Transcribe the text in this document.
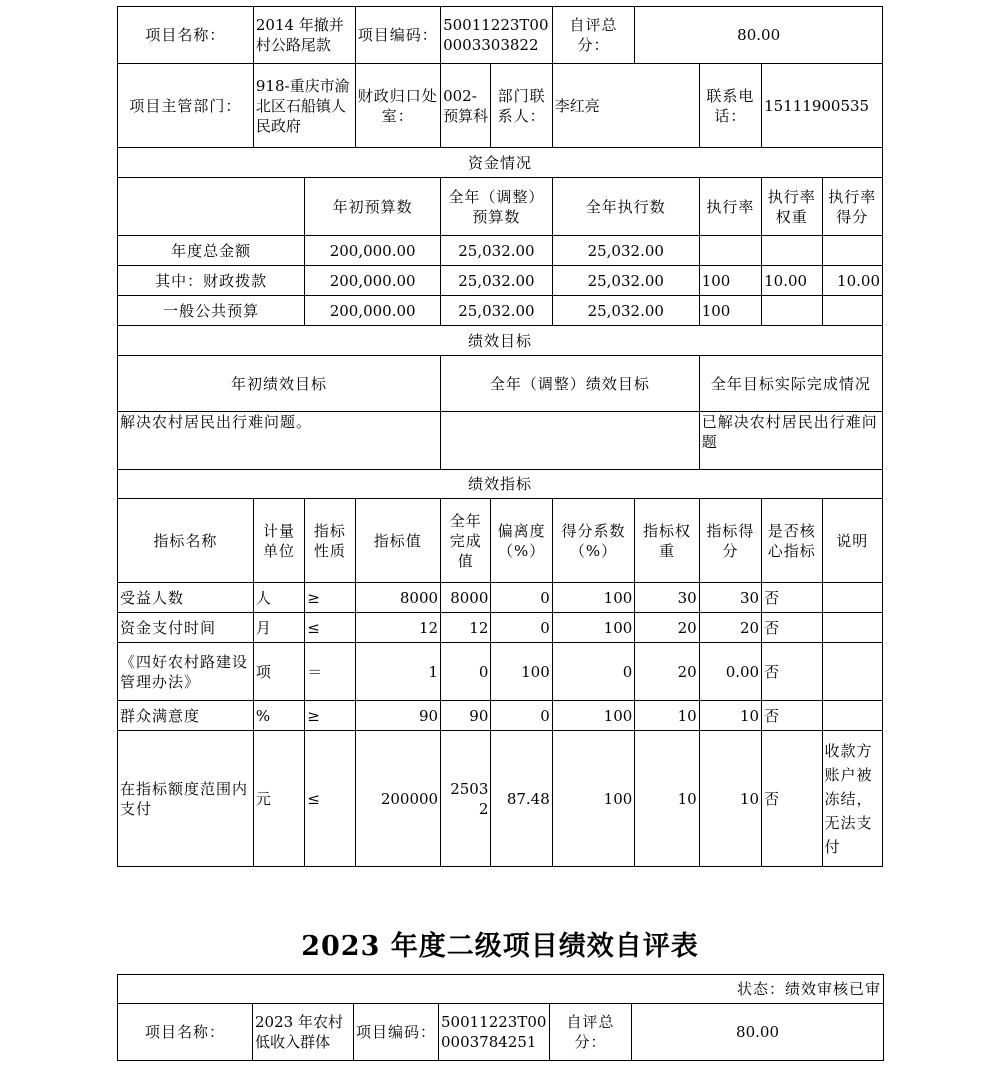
项目名称：	2014 年撤并村公路尾款		项目编码：	50011223T000003303822		自评总分：	80.00			
项目主管部门：	918-重庆市渝北区石船镇人民政府		财政归口处室：	002-预算科	部门联系人：	李红亮		联系电话：	15111900535	
资金情况										
		年初预算数		全年（调整）预算数		全年执行数		执行率	执行率权重	执行率得分
年度总金额		200,000.00		25,032.00		25,032.00				
其中：财政拨款		200,000.00		25,032.00		25,032.00		100	10.00	10.00
一般公共预算		200,000.00		25,032.00		25,032.00		100		
绩效目标										
年初绩效目标				全年（调整）绩效目标				全年目标实际完成情况		
解决农村居民出行难问题。								已解决农村居民出行难问题		
绩效指标										
指标名称	计量单位	指标性质	指标值	全年完成值	偏离度（%）	得分系数（%）	指标权重	指标得分	是否核心指标	说明
受益人数	人	≥	8000	8000	0	100	30	30	否	
资金支付时间	月	≤	12	12	0	100	20	20	否	
《四好农村路建设管理办法》	项	＝	1	0	100	0	20	0.00	否	
群众满意度	%	≥	90	90	0	100	10	10	否	
在指标额度范围内支付	元	≤	200000	25032	87.48	100	10	10	否	收款方账户被冻结，无法支付
2023 年度二级项目绩效自评表
状态：绩效审核已审
项目名称：	2023 年农村低收入群体	项目编码：	50011223T000003784251	自评总分：	80.00
